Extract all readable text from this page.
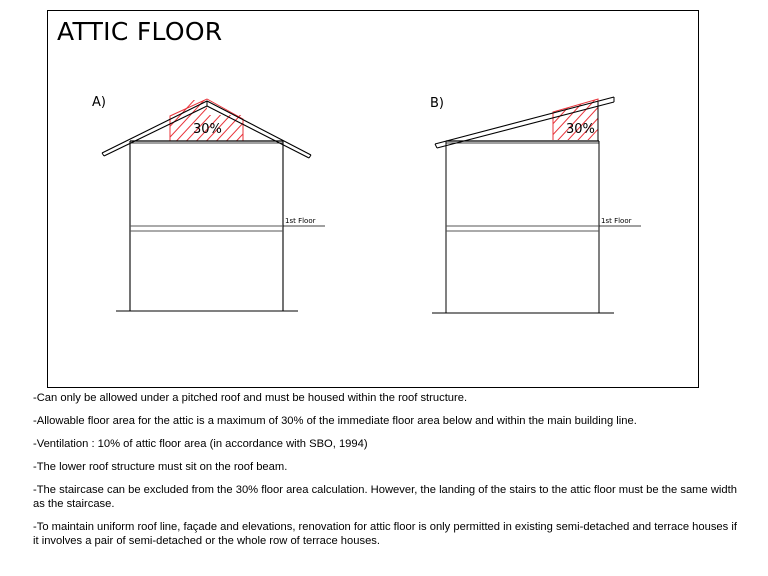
ATTIC FLOOR
A)
1st Floor
30%
B)
1st Floor
30%

-Can only be allowed under a pitched roof and must be housed within the roof structure.

-Allowable floor area for the attic is a maximum of 30% of the immediate floor area below and within the main building line.

-Ventilation : 10% of attic floor area (in accordance with SBO, 1994)

-The lower roof structure must sit on the roof beam.

-The staircase can be excluded from the 30% floor area calculation. However, the landing of the stairs to the attic floor must be the same width as the staircase.

-To maintain uniform roof line, façade and elevations, renovation for attic floor is only permitted in existing semi-detached and terrace houses if it involves a pair of semi-detached or the whole row of terrace houses.
